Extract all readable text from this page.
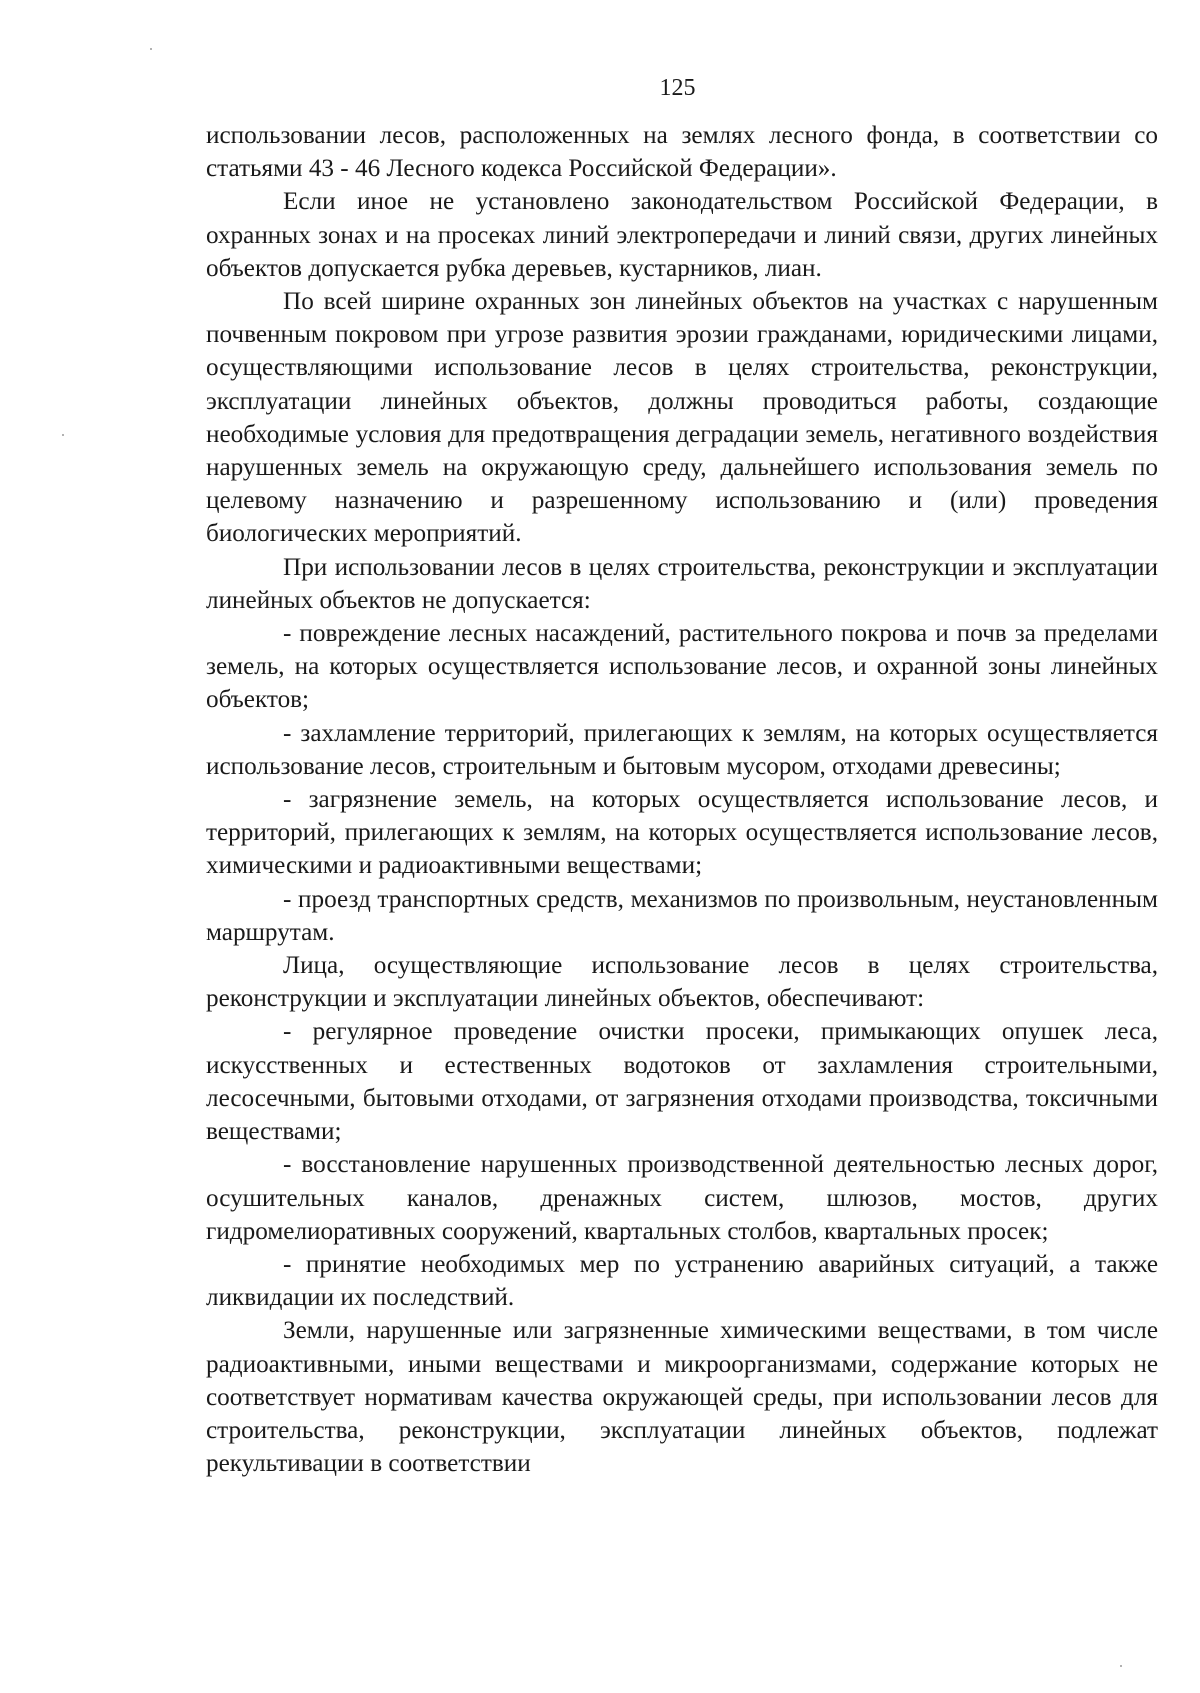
125

использовании лесов, расположенных на землях лесного фонда, в соответствии со статьями 43 - 46 Лесного кодекса Российской Федерации».

Если иное не установлено законодательством Российской Федерации, в охранных зонах и на просеках линий электропередачи и линий связи, других линейных объектов допускается рубка деревьев, кустарников, лиан.

По всей ширине охранных зон линейных объектов на участках с нарушенным почвенным покровом при угрозе развития эрозии гражданами, юридическими лицами, осуществляющими использование лесов в целях строительства, реконструкции, эксплуатации линейных объектов, должны проводиться работы, создающие необходимые условия для предотвращения деградации земель, негативного воздействия нарушенных земель на окружающую среду, дальнейшего использования земель по целевому назначению и разрешенному использованию и (или) проведения биологических мероприятий.

При использовании лесов в целях строительства, реконструкции и эксплуатации линейных объектов не допускается:

- повреждение лесных насаждений, растительного покрова и почв за пределами земель, на которых осуществляется использование лесов, и охранной зоны линейных объектов;

- захламление территорий, прилегающих к землям, на которых осуществляется использование лесов, строительным и бытовым мусором, отходами древесины;

- загрязнение земель, на которых осуществляется использование лесов, и территорий, прилегающих к землям, на которых осуществляется использование лесов, химическими и радиоактивными веществами;

- проезд транспортных средств, механизмов по произвольным, неустановленным маршрутам.

Лица, осуществляющие использование лесов в целях строительства, реконструкции и эксплуатации линейных объектов, обеспечивают:

- регулярное проведение очистки просеки, примыкающих опушек леса, искусственных и естественных водотоков от захламления строительными, лесосечными, бытовыми отходами, от загрязнения отходами производства, токсичными веществами;

- восстановление нарушенных производственной деятельностью лесных дорог, осушительных каналов, дренажных систем, шлюзов, мостов, других гидромелиоративных сооружений, квартальных столбов, квартальных просек;

- принятие необходимых мер по устранению аварийных ситуаций, а также ликвидации их последствий.

Земли, нарушенные или загрязненные химическими веществами, в том числе радиоактивными, иными веществами и микроорганизмами, содержание которых не соответствует нормативам качества окружающей среды, при использовании лесов для строительства, реконструкции, эксплуатации линейных объектов, подлежат рекультивации в соответствии
